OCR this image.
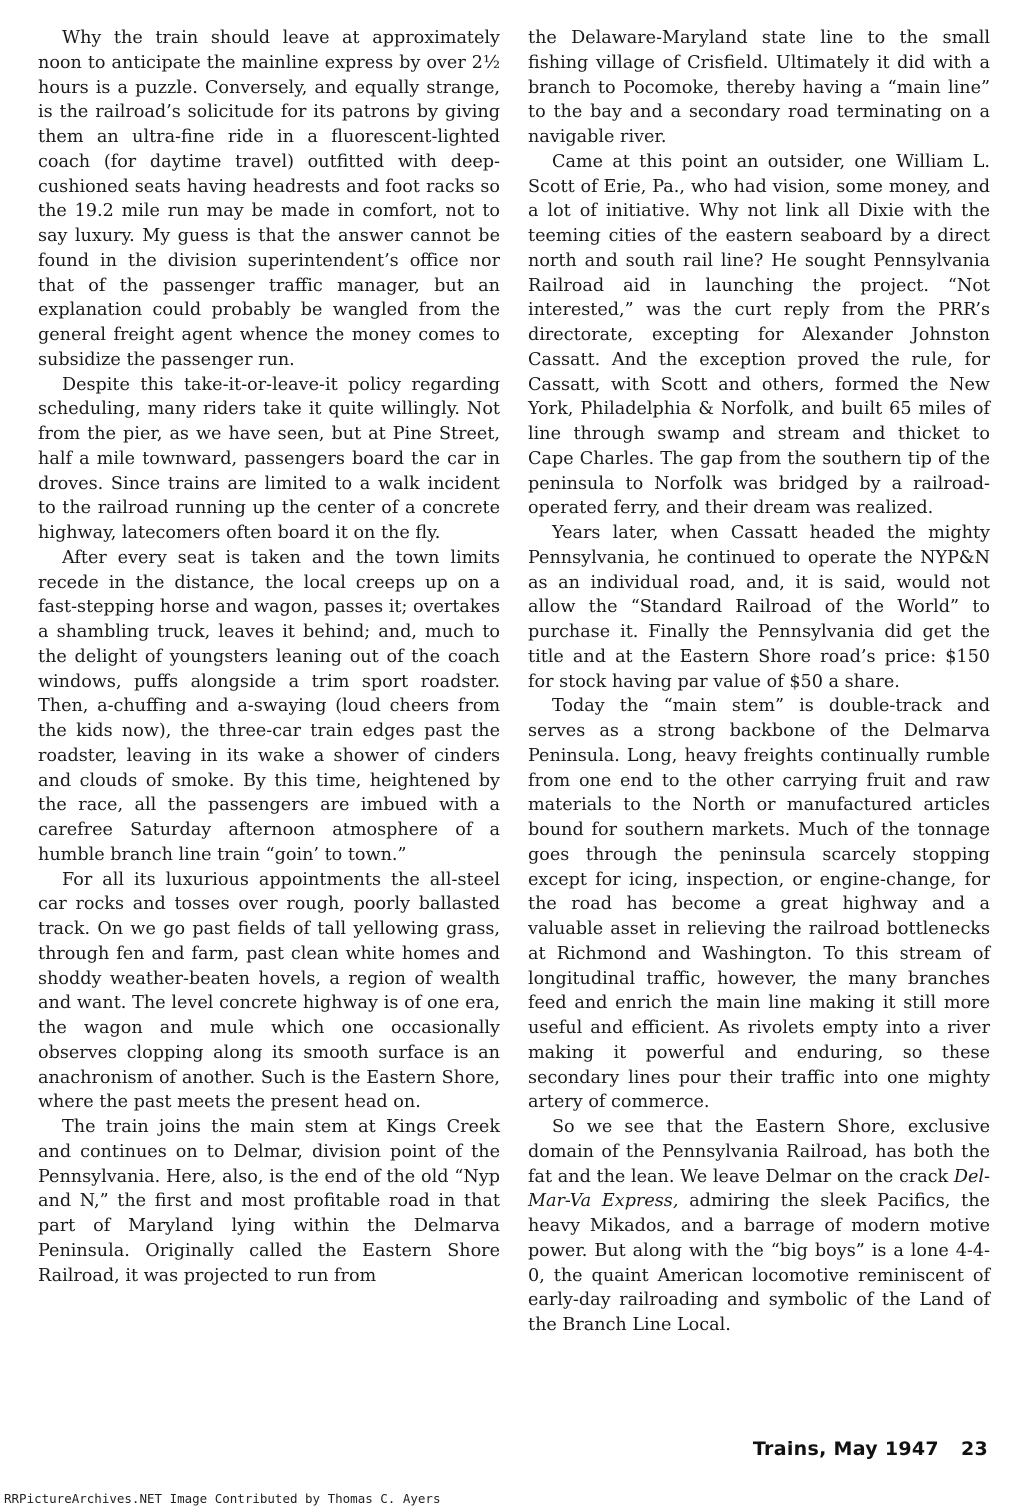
Why the train should leave at approximately noon to anticipate the mainline express by over 2½ hours is a puzzle. Conversely, and equally strange, is the railroad’s solicitude for its patrons by giving them an ultra-fine ride in a fluorescent-lighted coach (for daytime travel) outfitted with deep-cushioned seats having headrests and foot racks so the 19.2 mile run may be made in comfort, not to say luxury. My guess is that the answer cannot be found in the division superintendent’s office nor that of the passenger traffic manager, but an explanation could probably be wangled from the general freight agent whence the money comes to subsidize the passenger run.

Despite this take-it-or-leave-it policy regarding scheduling, many riders take it quite willingly. Not from the pier, as we have seen, but at Pine Street, half a mile townward, passengers board the car in droves. Since trains are limited to a walk incident to the railroad running up the center of a concrete highway, latecomers often board it on the fly.

After every seat is taken and the town limits recede in the distance, the local creeps up on a fast-stepping horse and wagon, passes it; overtakes a shambling truck, leaves it behind; and, much to the delight of youngsters leaning out of the coach windows, puffs alongside a trim sport roadster. Then, a-chuffing and a-swaying (loud cheers from the kids now), the three-car train edges past the roadster, leaving in its wake a shower of cinders and clouds of smoke. By this time, heightened by the race, all the passengers are imbued with a carefree Saturday afternoon atmosphere of a humble branch line train “goin’ to town.”

For all its luxurious appointments the all-steel car rocks and tosses over rough, poorly ballasted track. On we go past fields of tall yellowing grass, through fen and farm, past clean white homes and shoddy weather-beaten hovels, a region of wealth and want. The level concrete highway is of one era, the wagon and mule which one occasionally observes clopping along its smooth surface is an anachronism of another. Such is the Eastern Shore, where the past meets the present head on.

The train joins the main stem at Kings Creek and continues on to Delmar, division point of the Pennsylvania. Here, also, is the end of the old “Nyp and N,” the first and most profitable road in that part of Maryland lying within the Delmarva Peninsula. Originally called the Eastern Shore Railroad, it was projected to run from

the Delaware-Maryland state line to the small fishing village of Crisfield. Ultimately it did with a branch to Pocomoke, thereby having a “main line” to the bay and a secondary road terminating on a navigable river.

Came at this point an outsider, one William L. Scott of Erie, Pa., who had vision, some money, and a lot of initiative. Why not link all Dixie with the teeming cities of the eastern seaboard by a direct north and south rail line? He sought Pennsylvania Railroad aid in launching the project. “Not interested,” was the curt reply from the PRR’s directorate, excepting for Alexander Johnston Cassatt. And the exception proved the rule, for Cassatt, with Scott and others, formed the New York, Philadelphia & Norfolk, and built 65 miles of line through swamp and stream and thicket to Cape Charles. The gap from the southern tip of the peninsula to Norfolk was bridged by a railroad-operated ferry, and their dream was realized.

Years later, when Cassatt headed the mighty Pennsylvania, he continued to operate the NYP&N as an individual road, and, it is said, would not allow the “Standard Railroad of the World” to purchase it. Finally the Pennsylvania did get the title and at the Eastern Shore road’s price: $150 for stock having par value of $50 a share.

Today the “main stem” is double-track and serves as a strong backbone of the Delmarva Peninsula. Long, heavy freights continually rumble from one end to the other carrying fruit and raw materials to the North or manufactured articles bound for southern markets. Much of the tonnage goes through the peninsula scarcely stopping except for icing, inspection, or engine-change, for the road has become a great highway and a valuable asset in relieving the railroad bottlenecks at Richmond and Washington. To this stream of longitudinal traffic, however, the many branches feed and enrich the main line making it still more useful and efficient. As rivolets empty into a river making it powerful and enduring, so these secondary lines pour their traffic into one mighty artery of commerce.

So we see that the Eastern Shore, exclusive domain of the Pennsylvania Railroad, has both the fat and the lean. We leave Delmar on the crack Del-Mar-Va Express, admiring the sleek Pacifics, the heavy Mikados, and a barrage of modern motive power. But along with the “big boys” is a lone 4-4-0, the quaint American locomotive reminiscent of early-day railroading and symbolic of the Land of the Branch Line Local.

Trains, May 1947 23
RRPictureArchives.NET Image Contributed by Thomas C. Ayers
